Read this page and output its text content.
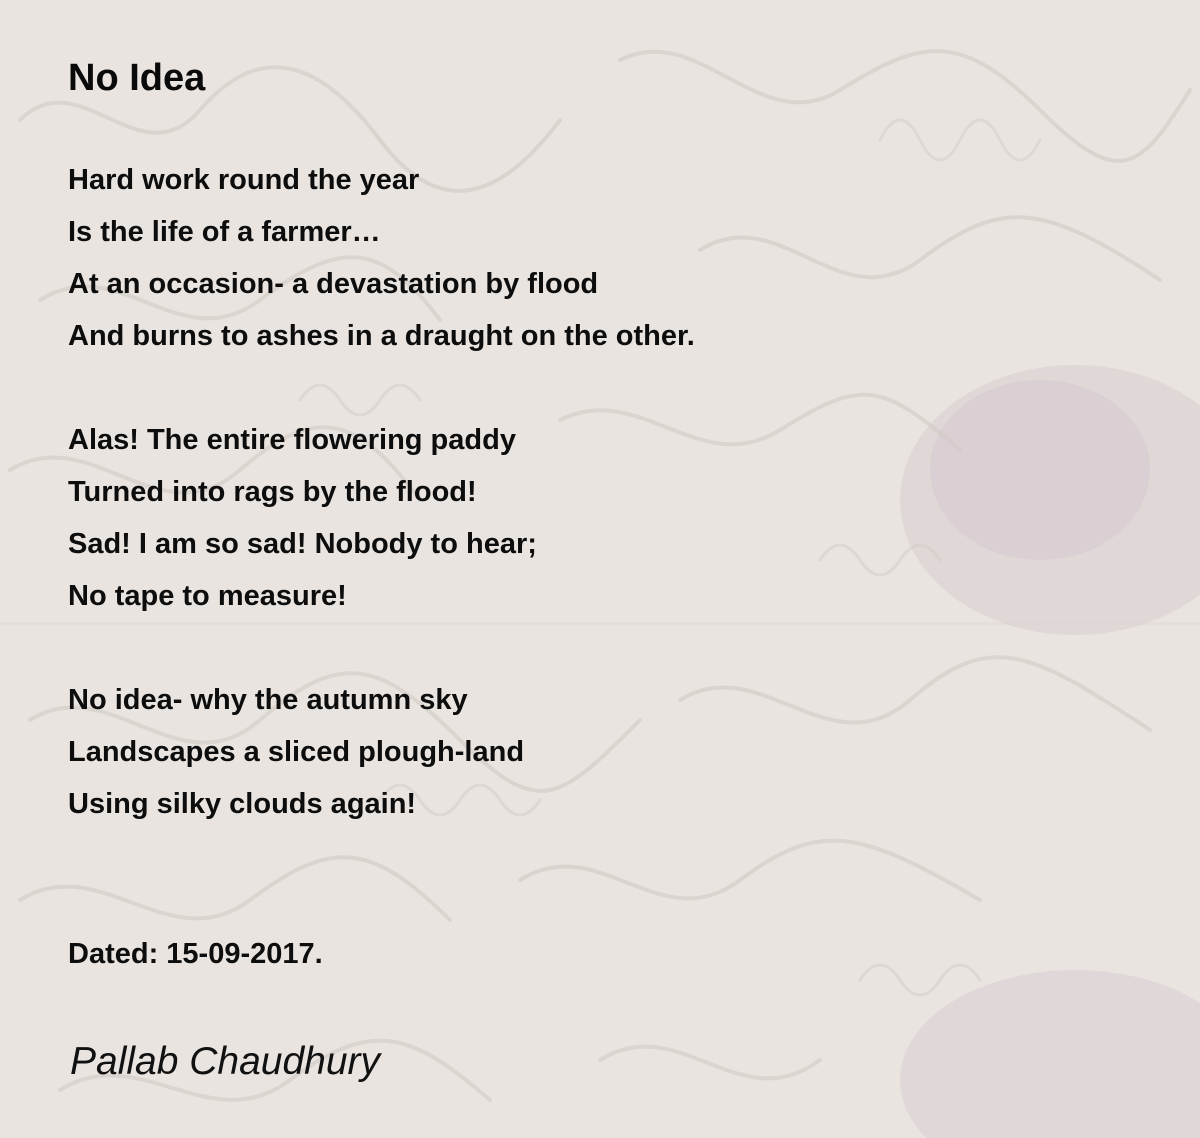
No Idea
Hard work round the year
Is the life of a farmer…
At an occasion- a devastation by flood
And burns to ashes in a draught on the other.
Alas! The entire flowering paddy
Turned into rags by the flood!
Sad! I am so sad! Nobody to hear;
No tape to measure!
No idea- why the autumn sky
Landscapes a sliced plough-land
Using silky clouds again!
Dated: 15-09-2017.
Pallab Chaudhury
